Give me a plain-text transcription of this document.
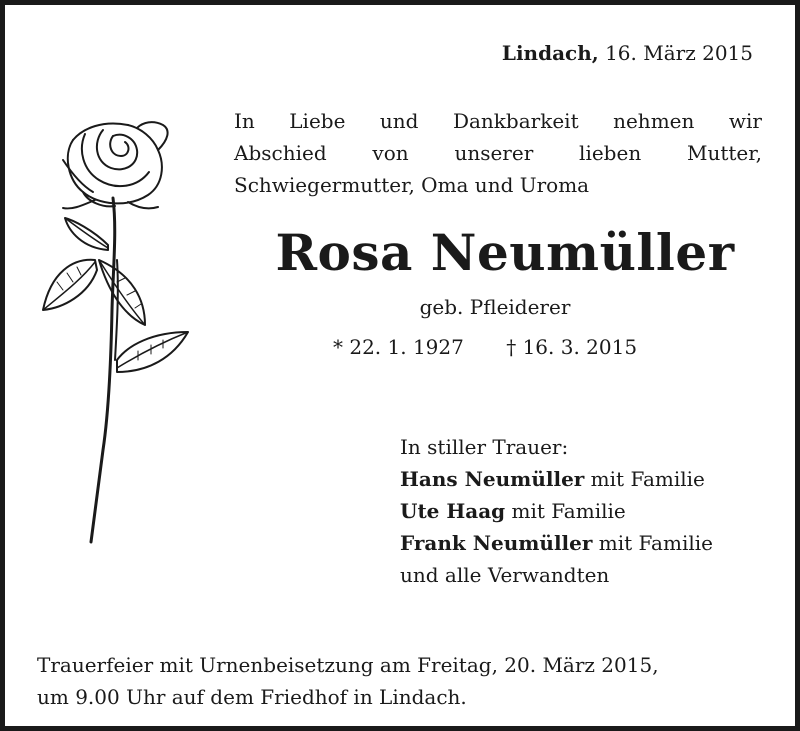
Lindach, 16. März 2015
In Liebe und Dankbarkeit nehmen wir
Abschied von unserer lieben Mutter,
Schwiegermutter, Oma und Uroma
Rosa Neumüller
geb. Pfleiderer
* 22. 1. 1927 † 16. 3. 2015
In stiller Trauer:
Hans Neumüller mit Familie
Ute Haag mit Familie
Frank Neumüller mit Familie
und alle Verwandten
Trauerfeier mit Urnenbeisetzung am Freitag, 20. März 2015,
um 9.00 Uhr auf dem Friedhof in Lindach.
